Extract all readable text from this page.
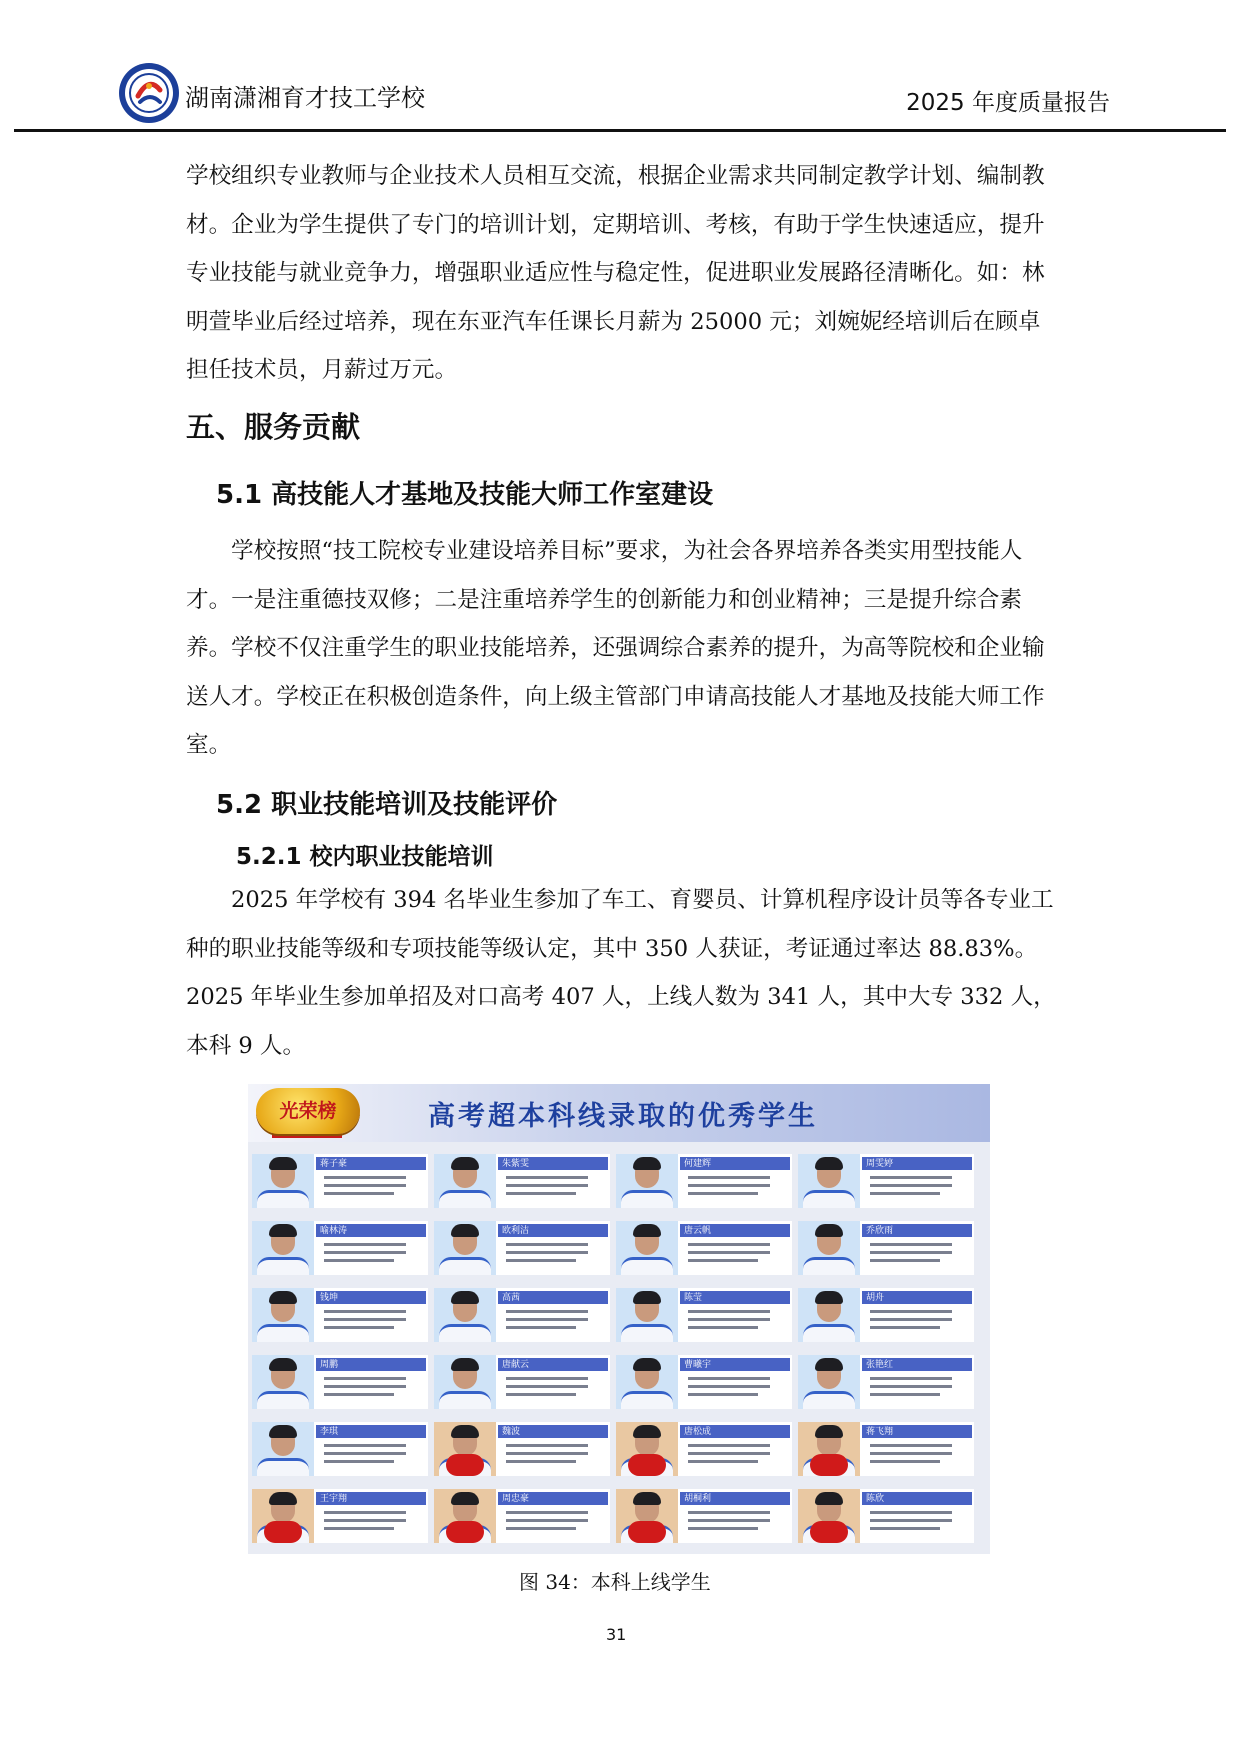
湖南潇湘育才技工学校	2025 年度质量报告
学校组织专业教师与企业技术人员相互交流，根据企业需求共同制定教学计划、编制教材。企业为学生提供了专门的培训计划，定期培训、考核，有助于学生快速适应，提升专业技能与就业竞争力，增强职业适应性与稳定性，促进职业发展路径清晰化。如：林明萱毕业后经过培养，现在东亚汽车任课长月薪为 25000 元；刘婉妮经培训后在顾卓担任技术员，月薪过万元。
五、服务贡献
5.1 高技能人才基地及技能大师工作室建设
学校按照“技工院校专业建设培养目标”要求，为社会各界培养各类实用型技能人才。一是注重德技双修；二是注重培养学生的创新能力和创业精神；三是提升综合素养。学校不仅注重学生的职业技能培养，还强调综合素养的提升，为高等院校和企业输送人才。学校正在积极创造条件，向上级主管部门申请高技能人才基地及技能大师工作室。
5.2 职业技能培训及技能评价
5.2.1 校内职业技能培训
2025 年学校有 394 名毕业生参加了车工、育婴员、计算机程序设计员等各专业工种的职业技能等级和专项技能等级认定，其中 350 人获证，考证通过率达 88.83%。2025 年毕业生参加单招及对口高考 407 人，上线人数为 341 人，其中大专 332 人，本科 9 人。
光荣榜	高考超本科线录取的优秀学生
蒋子豪	朱紫雯	何建辉	周雯婷
喻林涛	欧利洁	唐云帆	乔欣雨
钱坤	高茜	陈莹	胡舟
周鹏	唐献云	曹曦宇	张艳红
李琪	魏波	唐松成	蒋飞翔
王宇翔	周忠豪	胡桐利	陈欣
图 34：本科上线学生
31
